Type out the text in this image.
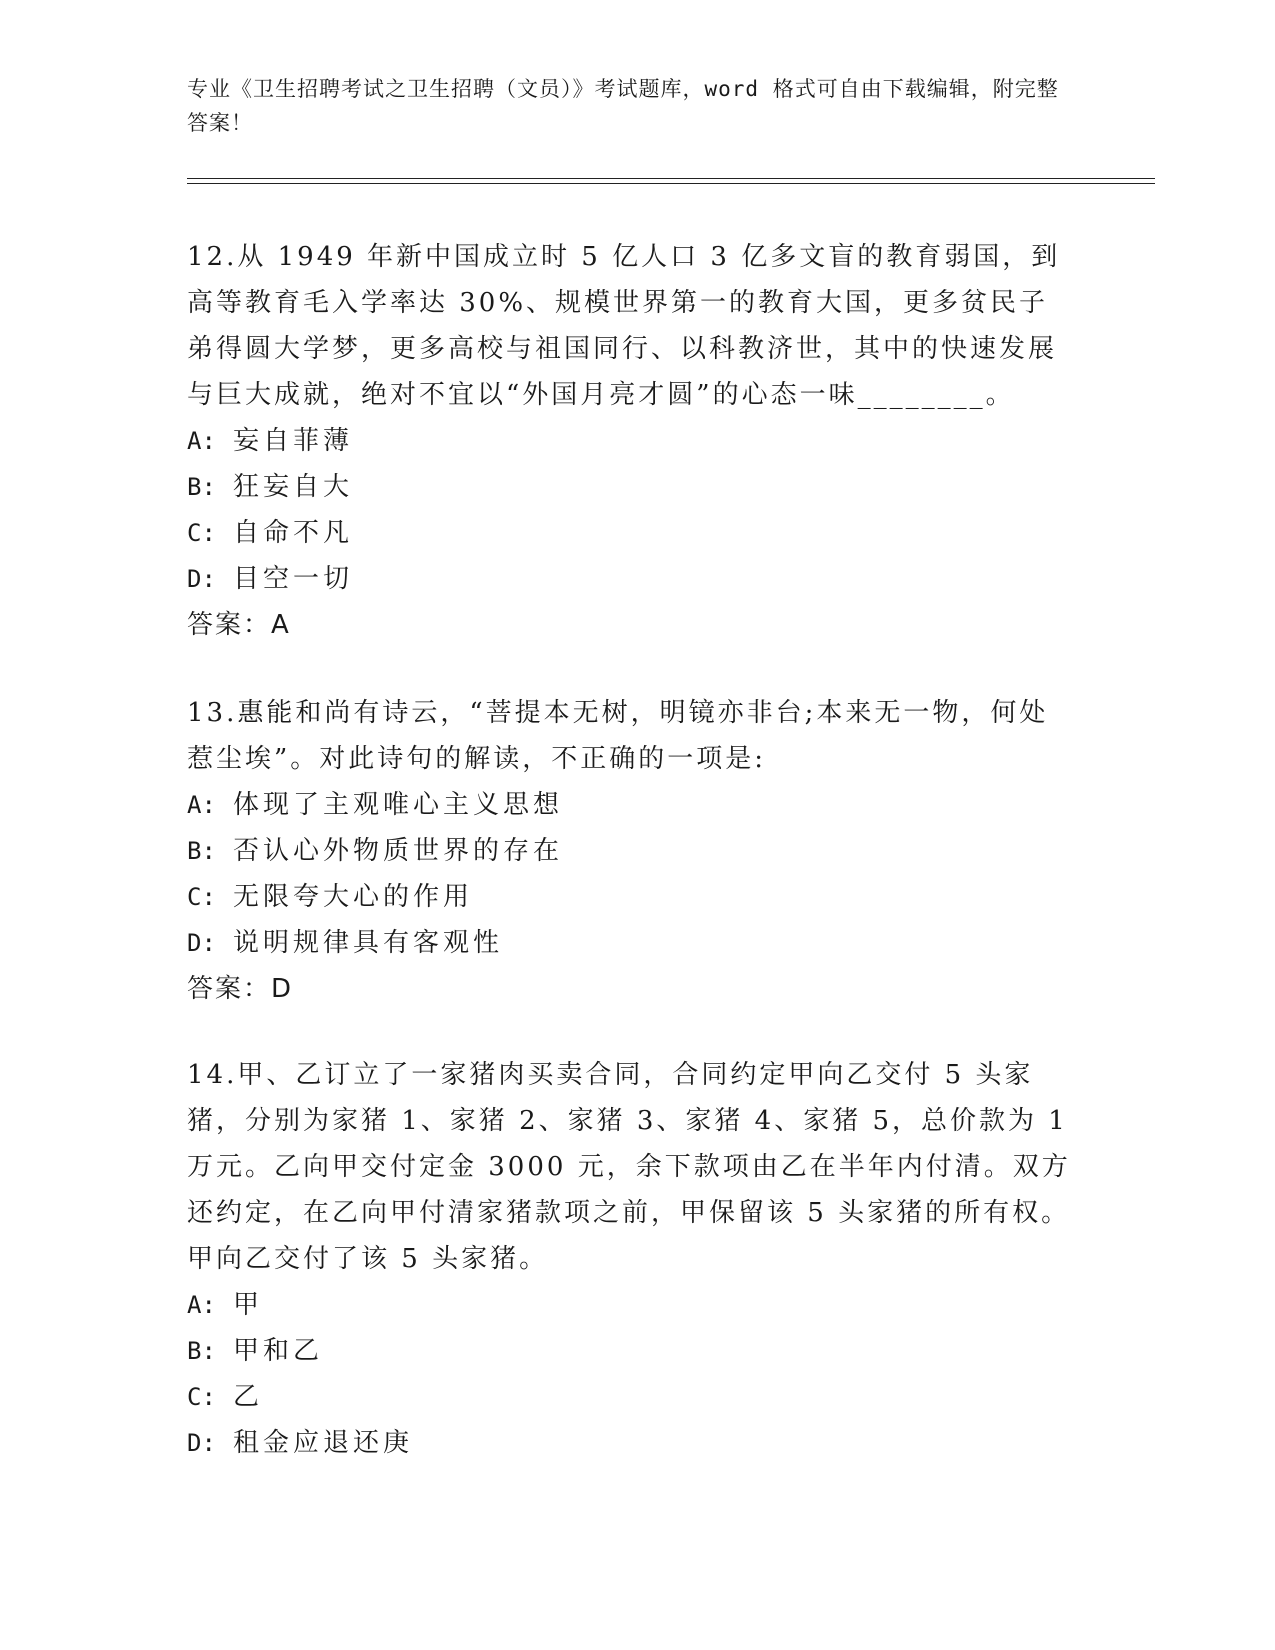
专业《卫生招聘考试之卫生招聘（文员）》考试题库，word 格式可自由下载编辑，附完整答案！

12.从 1949 年新中国成立时 5 亿人口 3 亿多文盲的教育弱国，到高等教育毛入学率达 30%、规模世界第一的教育大国，更多贫民子弟得圆大学梦，更多高校与祖国同行、以科教济世，其中的快速发展与巨大成就，绝对不宜以“外国月亮才圆”的心态一味________。

A: 妄自菲薄

B: 狂妄自大

C: 自命不凡

D: 目空一切

答案：A

13.惠能和尚有诗云，“菩提本无树，明镜亦非台;本来无一物，何处惹尘埃”。对此诗句的解读，不正确的一项是:

A: 体现了主观唯心主义思想

B: 否认心外物质世界的存在

C: 无限夸大心的作用

D: 说明规律具有客观性

答案：D

14.甲、乙订立了一家猪肉买卖合同，合同约定甲向乙交付 5 头家猪，分别为家猪 1、家猪 2、家猪 3、家猪 4、家猪 5，总价款为 1 万元。乙向甲交付定金 3000 元，余下款项由乙在半年内付清。双方还约定，在乙向甲付清家猪款项之前，甲保留该 5 头家猪的所有权。甲向乙交付了该 5 头家猪。

A: 甲

B: 甲和乙

C: 乙

D: 租金应退还庚
